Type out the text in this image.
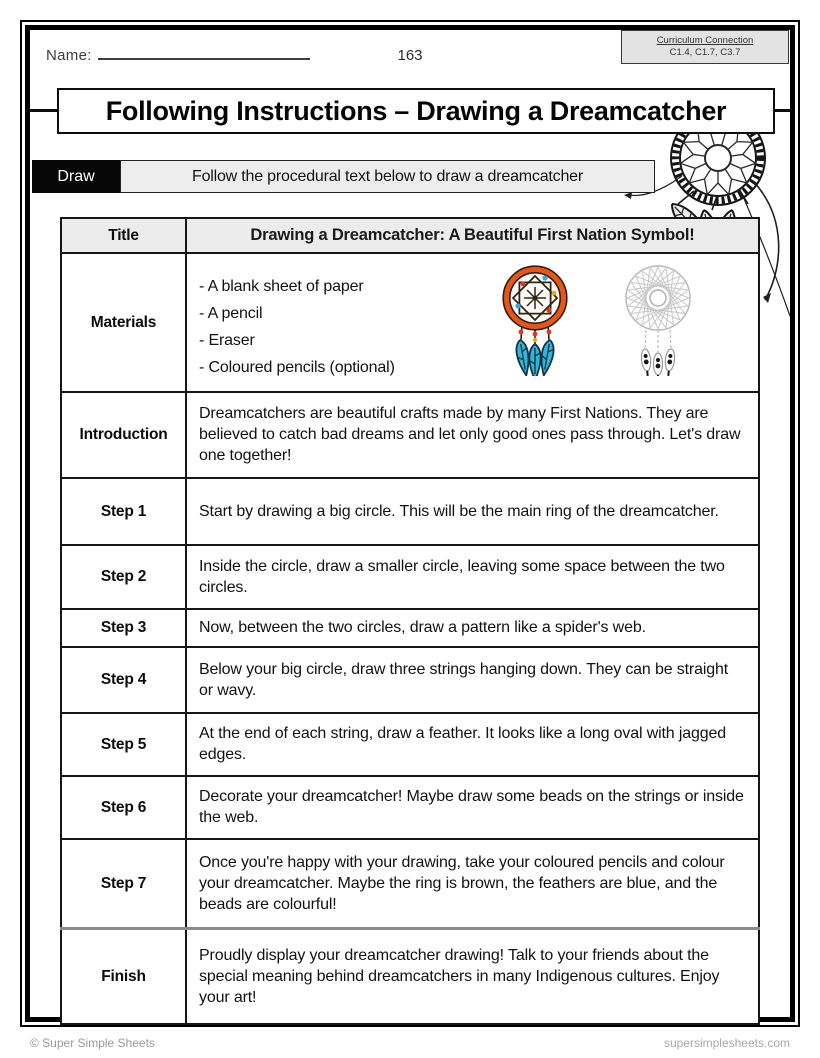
Name:	163
Curriculum Connection
C1.4, C1.7, C3.7
Following Instructions – Drawing a Dreamcatcher
Draw	Follow the procedural text below to draw a dreamcatcher
Title	Drawing a Dreamcatcher: A Beautiful First Nation Symbol!
Materials	- A blank sheet of paper
- A pencil
- Eraser
- Coloured pencils (optional)

Introduction	Dreamcatchers are beautiful crafts made by many First Nations. They are believed to catch bad dreams and let only good ones pass through. Let's draw one together!
Step 1	Start by drawing a big circle. This will be the main ring of the dreamcatcher.
Step 2	Inside the circle, draw a smaller circle, leaving some space between the two circles.
Step 3	Now, between the two circles, draw a pattern like a spider's web.
Step 4	Below your big circle, draw three strings hanging down. They can be straight or wavy.
Step 5	At the end of each string, draw a feather. It looks like a long oval with jagged edges.
Step 6	Decorate your dreamcatcher! Maybe draw some beads on the strings or inside the web.
Step 7	Once you're happy with your drawing, take your coloured pencils and colour your dreamcatcher. Maybe the ring is brown, the feathers are blue, and the beads are colourful!
Finish	Proudly display your dreamcatcher drawing! Talk to your friends about the special meaning behind dreamcatchers in many Indigenous cultures. Enjoy your art!
© Super Simple Sheets	supersimplesheets.com
